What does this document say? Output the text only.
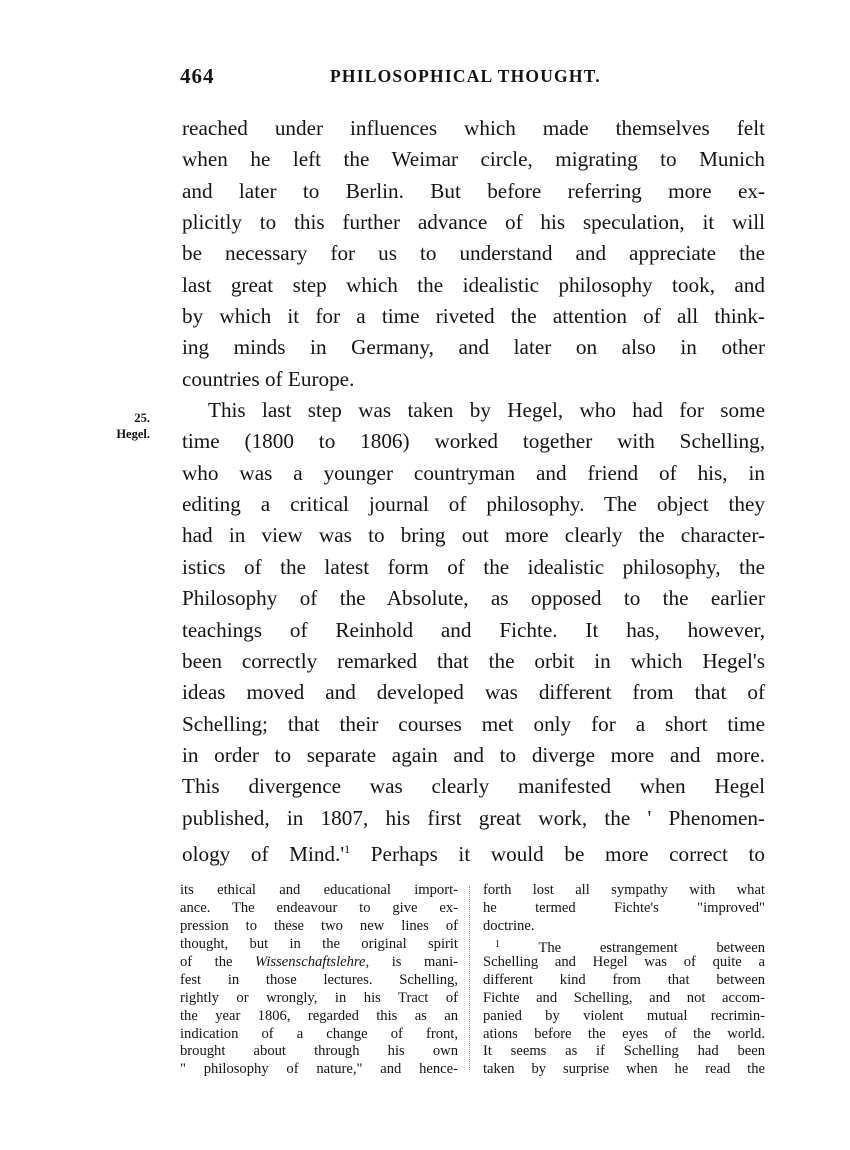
464	PHILOSOPHICAL THOUGHT.
25.
Hegel.
reached under influences which made themselves felt
when he left the Weimar circle, migrating to Munich
and later to Berlin. But before referring more ex-
plicitly to this further advance of his speculation, it will
be necessary for us to understand and appreciate the
last great step which the idealistic philosophy took, and
by which it for a time riveted the attention of all think-
ing minds in Germany, and later on also in other
countries of Europe.
This last step was taken by Hegel, who had for some
time (1800 to 1806) worked together with Schelling,
who was a younger countryman and friend of his, in
editing a critical journal of philosophy. The object they
had in view was to bring out more clearly the character-
istics of the latest form of the idealistic philosophy, the
Philosophy of the Absolute, as opposed to the earlier
teachings of Reinhold and Fichte. It has, however,
been correctly remarked that the orbit in which Hegel's
ideas moved and developed was different from that of
Schelling; that their courses met only for a short time
in order to separate again and to diverge more and more.
This divergence was clearly manifested when Hegel
published, in 1807, his first great work, the ' Phenomen-
ology of Mind.'$^1$ Perhaps it would be more correct to
its ethical and educational import-
ance. The endeavour to give ex-
pression to these two new lines of
thought, but in the original spirit
of the Wissenschaftslehre, is mani-
fest in those lectures. Schelling,
rightly or wrongly, in his Tract of
the year 1806, regarded this as an
indication of a change of front,
brought about through his own
" philosophy of nature," and hence-
forth lost all sympathy with what
he termed Fichte's "improved"
doctrine.
$^1$	The estrangement between
Schelling and Hegel was of quite a
different kind from that between
Fichte and Schelling, and not accom-
panied by violent mutual recrimin-
ations before the eyes of the world.
It seems as if Schelling had been
taken by surprise when he read the
